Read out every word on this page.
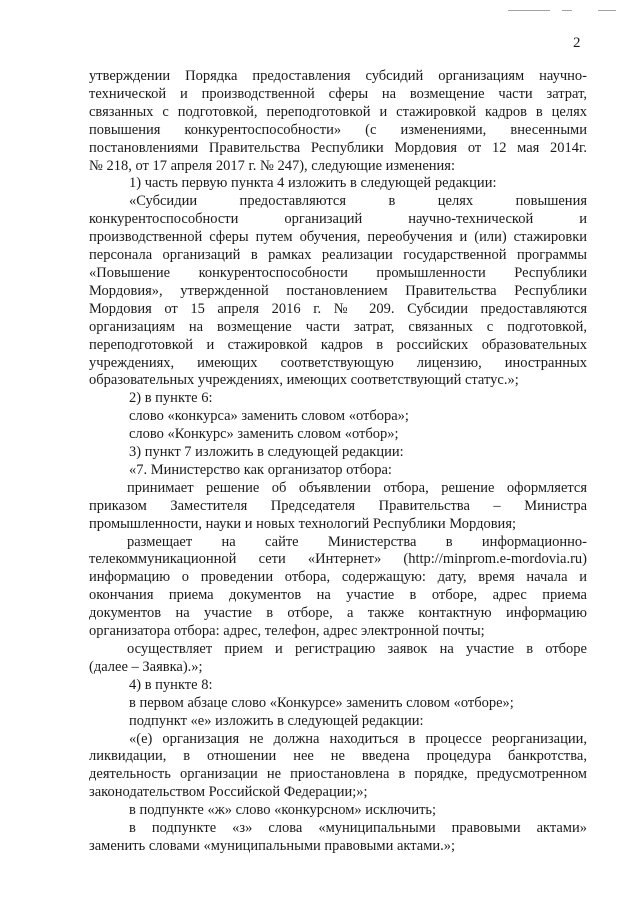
2

утверждении Порядка предоставления субсидий организациям научно-

технической и производственной сферы на возмещение части затрат,

связанных с подготовкой, переподготовкой и стажировкой кадров в целях

повышения конкурентоспособности» (с изменениями, внесенными

постановлениями Правительства Республики Мордовия от 12 мая 2014г.

№ 218, от 17 апреля 2017 г. № 247), следующие изменения:

1) часть первую пункта 4 изложить в следующей редакции:

«Субсидии предоставляются в целях повышения

конкурентоспособности организаций научно-технической и

производственной сферы путем обучения, переобучения и (или) стажировки

персонала организаций в рамках реализации государственной программы

«Повышение конкурентоспособности промышленности Республики

Мордовия», утвержденной постановлением Правительства Республики

Мордовия от 15 апреля 2016 г. № 209. Субсидии предоставляются

организациям на возмещение части затрат, связанных с подготовкой,

переподготовкой и стажировкой кадров в российских образовательных

учреждениях, имеющих соответствующую лицензию, иностранных

образовательных учреждениях, имеющих соответствующий статус.»;

2) в пункте 6:

слово «конкурса» заменить словом «отбора»;

слово «Конкурс» заменить словом «отбор»;

3) пункт 7 изложить в следующей редакции:

«7. Министерство как организатор отбора:

принимает решение об объявлении отбора, решение оформляется

приказом Заместителя Председателя Правительства – Министра

промышленности, науки и новых технологий Республики Мордовия;

размещает на сайте Министерства в информационно-

телекоммуникационной сети «Интернет» (http://minprom.e-mordovia.ru)

информацию о проведении отбора, содержащую: дату, время начала и

окончания приема документов на участие в отборе, адрес приема

документов на участие в отборе, а также контактную информацию

организатора отбора: адрес, телефон, адрес электронной почты;

осуществляет прием и регистрацию заявок на участие в отборе

(далее – Заявка).»;

4) в пункте 8:

в первом абзаце слово «Конкурсе» заменить словом «отборе»;

подпункт «е» изложить в следующей редакции:

«(е) организация не должна находиться в процессе реорганизации,

ликвидации, в отношении нее не введена процедура банкротства,

деятельность организации не приостановлена в порядке, предусмотренном

законодательством Российской Федерации;»;

в подпункте «ж» слово «конкурсном» исключить;

в подпункте «з» слова «муниципальными правовыми актами»

заменить словами «муниципальными правовыми актами.»;
